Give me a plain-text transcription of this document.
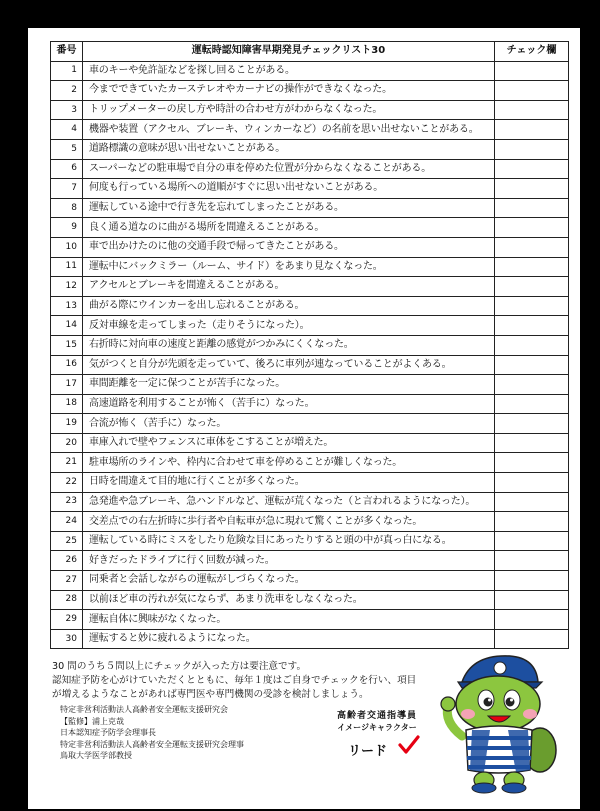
番号	運転時認知障害早期発見チェックリスト30	チェック欄
1	車のキーや免許証などを探し回ることがある。	
2	今までできていたカーステレオやカーナビの操作ができなくなった。	
3	トリップメーターの戻し方や時計の合わせ方がわからなくなった。	
4	機器や装置（アクセル、ブレーキ、ウィンカーなど）の名前を思い出せないことがある。	
5	道路標識の意味が思い出せないことがある。	
6	スーパーなどの駐車場で自分の車を停めた位置が分からなくなることがある。	
7	何度も行っている場所への道順がすぐに思い出せないことがある。	
8	運転している途中で行き先を忘れてしまったことがある。	
9	良く通る道なのに曲がる場所を間違えることがある。	
10	車で出かけたのに他の交通手段で帰ってきたことがある。	
11	運転中にバックミラー（ルーム、サイド）をあまり見なくなった。	
12	アクセルとブレーキを間違えることがある。	
13	曲がる際にウインカーを出し忘れることがある。	
14	反対車線を走ってしまった（走りそうになった）。	
15	右折時に対向車の速度と距離の感覚がつかみにくくなった。	
16	気がつくと自分が先頭を走っていて、後ろに車列が連なっていることがよくある。	
17	車間距離を一定に保つことが苦手になった。	
18	高速道路を利用することが怖く（苦手に）なった。	
19	合流が怖く（苦手に）なった。	
20	車庫入れで壁やフェンスに車体をこすることが増えた。	
21	駐車場所のラインや、枠内に合わせて車を停めることが難しくなった。	
22	日時を間違えて目的地に行くことが多くなった。	
23	急発進や急ブレーキ、急ハンドルなど、運転が荒くなった（と言われるようになった）。	
24	交差点での右左折時に歩行者や自転車が急に現れて驚くことが多くなった。	
25	運転している時にミスをしたり危険な目にあったりすると頭の中が真っ白になる。	
26	好きだったドライブに行く回数が減った。	
27	同乗者と会話しながらの運転がしづらくなった。	
28	以前ほど車の汚れが気にならず、あまり洗車をしなくなった。	
29	運転自体に興味がなくなった。	
30	運転すると妙に疲れるようになった。	

30 問のうち５問以上にチェックが入った方は要注意です。

認知症予防を心がけていただくとともに、毎年１度はご自身でチェックを行い、項目

が増えるようなことがあれば専門医や専門機関の受診を検討しましょう。

特定非営利活動法人高齢者安全運転支援研究会

【監修】浦上克哉

日本認知症予防学会理事長

特定非営利活動法人高齢者安全運転支援研究会理事

鳥取大学医学部教授

高齢者交通指導員
イメージキャラクター
リード
